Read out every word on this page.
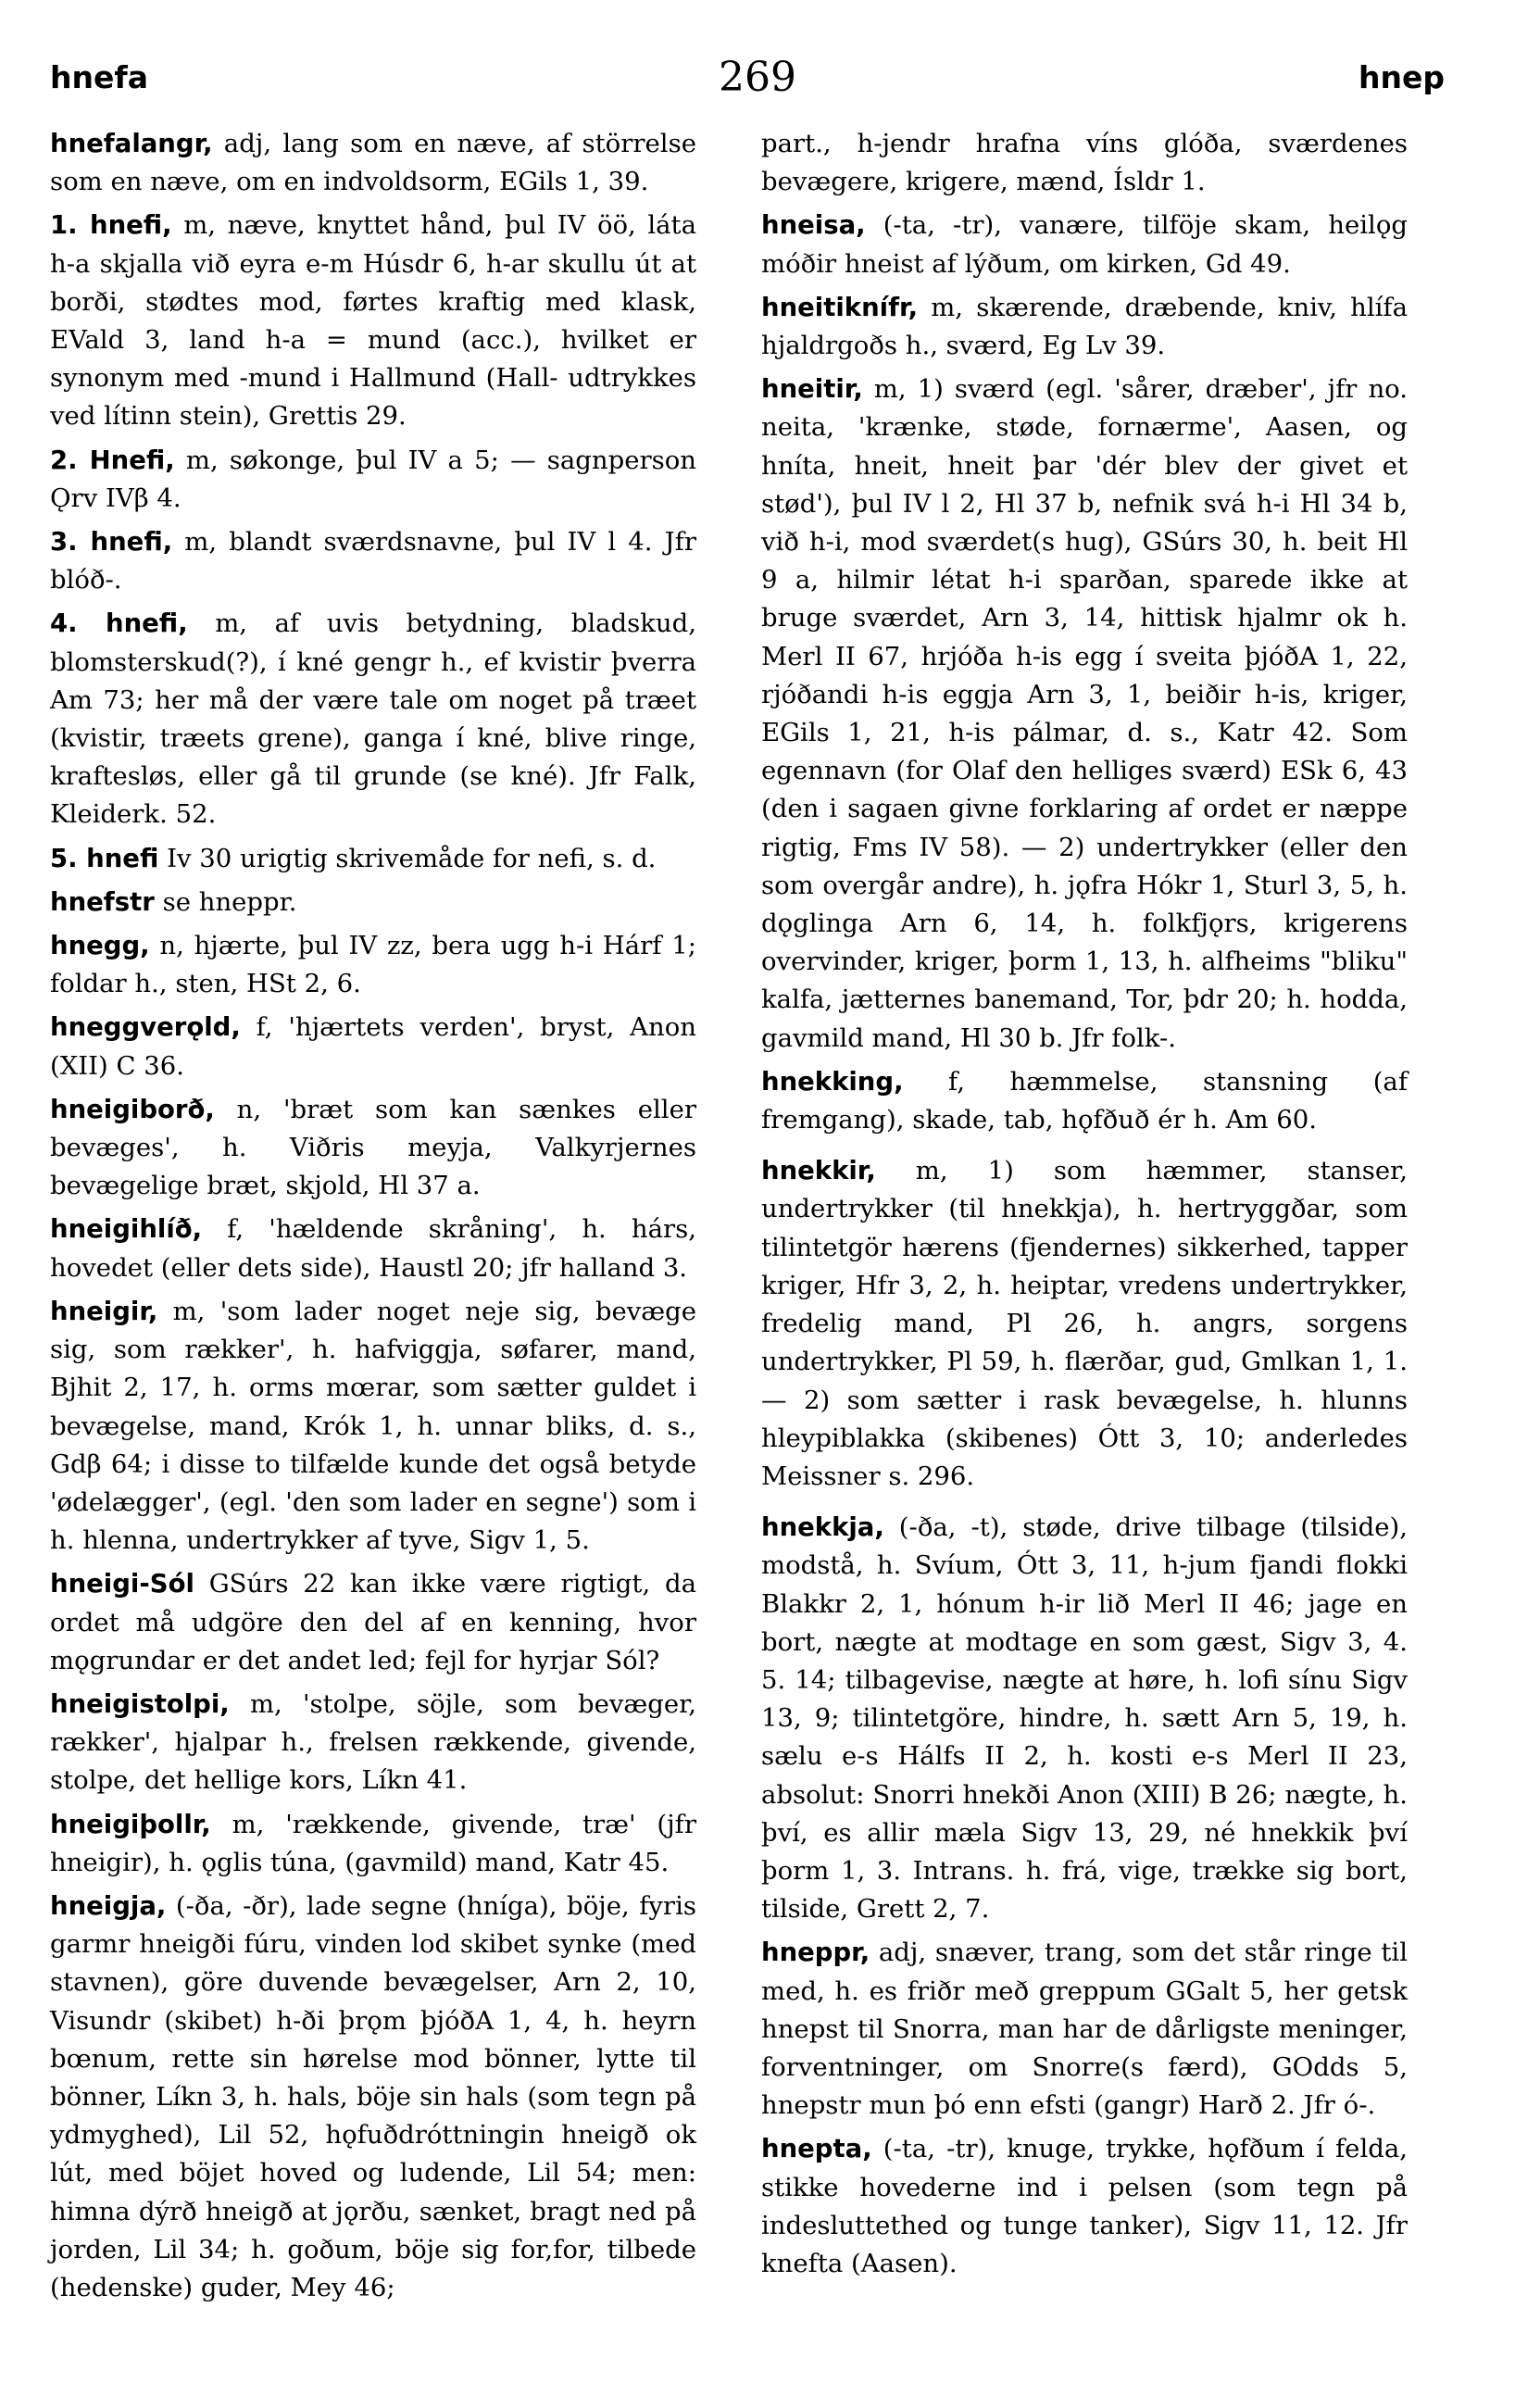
hnefa	269	hnep

hnefalangr, adj, lang som en næve, af störrelse som en næve, om en indvoldsorm, EGils 1, 39.

1. hnefi, m, næve, knyttet hånd, þul IV öö, láta h-a skjalla við eyra e-m Húsdr 6, h-ar skullu út at borði, stødtes mod, førtes kraftig med klask, EVald 3, land h-a = mund (acc.), hvilket er synonym med -mund i Hallmund (Hall- udtrykkes ved lítinn stein), Grettis 29.

2. Hnefi, m, søkonge, þul IV a 5; — sagnperson Ǫrv IVβ 4.

3. hnefi, m, blandt sværdsnavne, þul IV l 4. Jfr blóð-.

4. hnefi, m, af uvis betydning, bladskud, blomsterskud(?), í kné gengr h., ef kvistir þverra Am 73; her må der være tale om noget på træet (kvistir, træets grene), ganga í kné, blive ringe, kraftesløs, eller gå til grunde (se kné). Jfr Falk, Kleiderk. 52.

5. hnefi Iv 30 urigtig skrivemåde for nefi, s. d.

hnefstr se hneppr.

hnegg, n, hjærte, þul IV zz, bera ugg h-i Hárf 1; foldar h., sten, HSt 2, 6.

hneggverǫld, f, 'hjærtets verden', bryst, Anon (XII) C 36.

hneigiborð, n, 'bræt som kan sænkes eller bevæges', h. Viðris meyja, Valkyrjernes bevægelige bræt, skjold, Hl 37 a.

hneigihlíð, f, 'hældende skråning', h. hárs, hovedet (eller dets side), Haustl 20; jfr halland 3.

hneigir, m, 'som lader noget neje sig, bevæge sig, som rækker', h. hafviggja, søfarer, mand, Bjhit 2, 17, h. orms mœrar, som sætter guldet i bevægelse, mand, Krók 1, h. unnar bliks, d. s., Gdβ 64; i disse to tilfælde kunde det også betyde 'ødelægger', (egl. 'den som lader en segne') som i h. hlenna, undertrykker af tyve, Sigv 1, 5.

hneigi-Sól GSúrs 22 kan ikke være rigtigt, da ordet må udgöre den del af en kenning, hvor mǫgrundar er det andet led; fejl for hyrjar Sól?

hneigistolpi, m, 'stolpe, söjle, som bevæger, rækker', hjalpar h., frelsen rækkende, givende, stolpe, det hellige kors, Líkn 41.

hneigiþollr, m, 'rækkende, givende, træ' (jfr hneigir), h. ǫglis túna, (gavmild) mand, Katr 45.

hneigja, (-ða, -ðr), lade segne (hníga), böje, fyris garmr hneigði fúru, vinden lod skibet synke (med stavnen), göre duvende bevægelser, Arn 2, 10, Visundr (skibet) h-ði þrǫm þjóðA 1, 4, h. heyrn bœnum, rette sin hørelse mod bönner, lytte til bönner, Líkn 3, h. hals, böje sin hals (som tegn på ydmyghed), Lil 52, hǫfuðdróttningin hneigð ok lút, med böjet hoved og ludende, Lil 54; men: himna dýrð hneigð at jǫrðu, sænket, bragt ned på jorden, Lil 34; h. goðum, böje sig for,for, tilbede (hedenske) guder, Mey 46;

part., h-jendr hrafna víns glóða, sværdenes bevægere, krigere, mænd, Ísldr 1.

hneisa, (-ta, -tr), vanære, tilföje skam, heilǫg móðir hneist af lýðum, om kirken, Gd 49.

hneitiknífr, m, skærende, dræbende, kniv, hlífa hjaldrgoðs h., sværd, Eg Lv 39.

hneitir, m, 1) sværd (egl. 'sårer, dræber', jfr no. neita, 'krænke, støde, fornærme', Aasen, og hníta, hneit, hneit þar 'dér blev der givet et stød'), þul IV l 2, Hl 37 b, nefnik svá h-i Hl 34 b, við h-i, mod sværdet(s hug), GSúrs 30, h. beit Hl 9 a, hilmir létat h-i sparðan, sparede ikke at bruge sværdet, Arn 3, 14, hittisk hjalmr ok h. Merl II 67, hrjóða h-is egg í sveita þjóðA 1, 22, rjóðandi h-is eggja Arn 3, 1, beiðir h-is, kriger, EGils 1, 21, h-is pálmar, d. s., Katr 42. Som egennavn (for Olaf den helliges sværd) ESk 6, 43 (den i sagaen givne forklaring af ordet er næppe rigtig, Fms IV 58). — 2) undertrykker (eller den som overgår andre), h. jǫfra Hókr 1, Sturl 3, 5, h. dǫglinga Arn 6, 14, h. folkfjǫrs, krigerens overvinder, kriger, þorm 1, 13, h. alfheims "bliku" kalfa, jætternes banemand, Tor, þdr 20; h. hodda, gavmild mand, Hl 30 b. Jfr folk-.

hnekking, f, hæmmelse, stansning (af fremgang), skade, tab, hǫfðuð ér h. Am 60.

hnekkir, m, 1) som hæmmer, stanser, undertrykker (til hnekkja), h. hertryggðar, som tilintetgör hærens (fjendernes) sikkerhed, tapper kriger, Hfr 3, 2, h. heiptar, vredens undertrykker, fredelig mand, Pl 26, h. angrs, sorgens undertrykker, Pl 59, h. flærðar, gud, Gmlkan 1, 1. — 2) som sætter i rask bevægelse, h. hlunns hleypiblakka (skibenes) Ótt 3, 10; anderledes Meissner s. 296.

hnekkja, (-ða, -t), støde, drive tilbage (tilside), modstå, h. Svíum, Ótt 3, 11, h-jum fjandi flokki Blakkr 2, 1, hónum h-ir lið Merl II 46; jage en bort, nægte at modtage en som gæst, Sigv 3, 4. 5. 14; tilbagevise, nægte at høre, h. lofi sínu Sigv 13, 9; tilintetgöre, hindre, h. sætt Arn 5, 19, h. sælu e-s Hálfs II 2, h. kosti e-s Merl II 23, absolut: Snorri hnekði Anon (XIII) B 26; nægte, h. því, es allir mæla Sigv 13, 29, né hnekkik því þorm 1, 3. Intrans. h. frá, vige, trække sig bort, tilside, Grett 2, 7.

hneppr, adj, snæver, trang, som det står ringe til med, h. es friðr með greppum GGalt 5, her getsk hnepst til Snorra, man har de dårligste meninger, forventninger, om Snorre(s færd), GOdds 5, hnepstr mun þó enn efsti (gangr) Harð 2. Jfr ó-.

hnepta, (-ta, -tr), knuge, trykke, hǫfðum í felda, stikke hovederne ind i pelsen (som tegn på indesluttethed og tunge tanker), Sigv 11, 12. Jfr knefta (Aasen).
